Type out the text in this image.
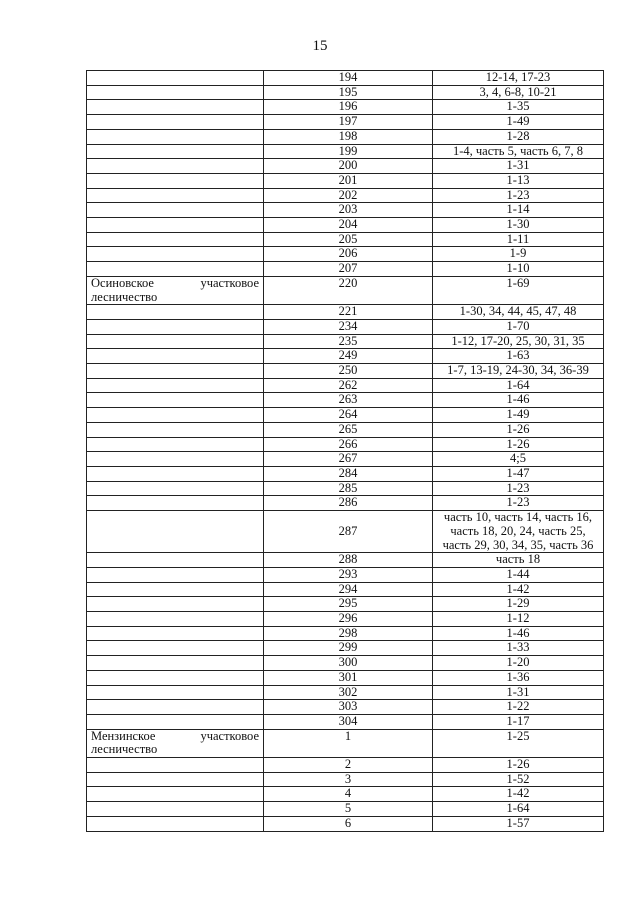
15
	194	12-14, 17-23

	195	3, 4, 6-8, 10-21

	196	1-35

	197	1-49

	198	1-28

	199	1-4, часть 5, часть 6, 7, 8

	200	1-31

	201	1-13

	202	1-23

	203	1-14

	204	1-30

	205	1-11

	206	1-9

	207	1-10

Осиновское участковое
лесничество	220	1-69

	221	1-30, 34, 44, 45, 47, 48

	234	1-70

	235	1-12, 17-20, 25, 30, 31, 35

	249	1-63

	250	1-7, 13-19, 24-30, 34, 36-39

	262	1-64

	263	1-46

	264	1-49

	265	1-26

	266	1-26

	267	4;5

	284	1-47

	285	1-23

	286	1-23

	287	часть 10, часть 14, часть 16,
часть 18, 20, 24, часть 25,
часть 29, 30, 34, 35, часть 36

	288	часть 18

	293	1-44

	294	1-42

	295	1-29

	296	1-12

	298	1-46

	299	1-33

	300	1-20

	301	1-36

	302	1-31

	303	1-22

	304	1-17

Мензинское участковое
лесничество	1	1-25

	2	1-26

	3	1-52

	4	1-42

	5	1-64

	6	1-57
